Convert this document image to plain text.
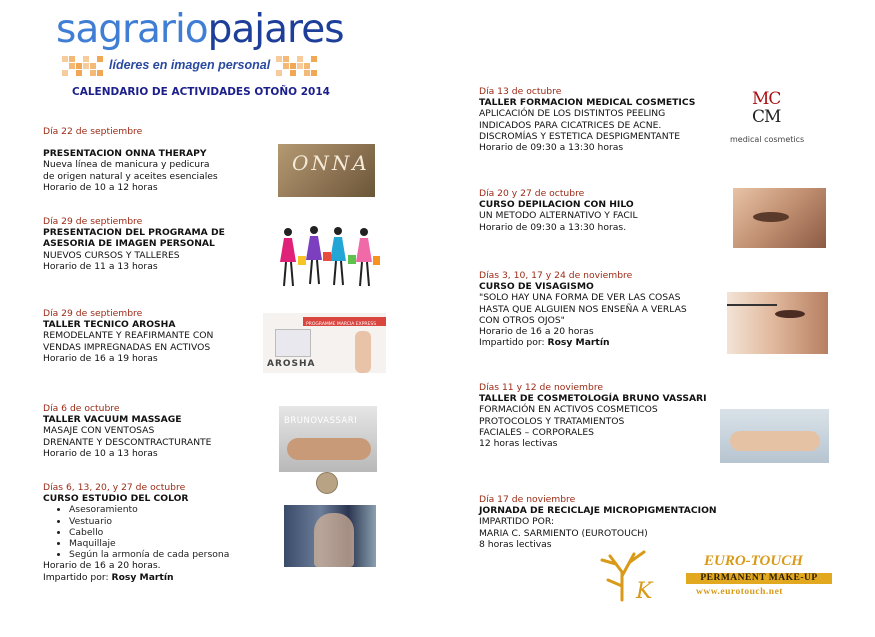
sagrariopajares
líderes en imagen personal
CALENDARIO DE ACTIVIDADES OTOÑO 2014
Día 22 de septiembre
PRESENTACION ONNA THERAPY
Nueva línea de manicura y pedicura
de origen natural y aceites esenciales
Horario de 10 a 12 horas
Día 29 de septiembre
PRESENTACION DEL PROGRAMA DE
ASESORIA DE IMAGEN PERSONAL
NUEVOS CURSOS Y TALLERES
Horario de 11 a 13 horas
Día 29 de septiembre
TALLER TECNICO AROSHA
REMODELANTE Y REAFIRMANTE CON
VENDAS IMPREGNADAS EN ACTIVOS
Horario de 16 a 19 horas
Día 6 de octubre
TALLER VACUUM MASSAGE
MASAJE CON VENTOSAS
DRENANTE Y DESCONTRACTURANTE
Horario de 10 a 13 horas
Días 6, 13, 20, y 27 de octubre
CURSO ESTUDIO DEL COLOR
• Asesoramiento
• Vestuario
• Cabello
• Maquillaje
• Según la armonía de cada persona
Horario de 16 a 20 horas.
Impartido por: Rosy Martín
ONNA
PROGRAMME MARCIA EXPRESS
AROSHA
BRUNOVASSARI
Día 13 de octubre
TALLER FORMACION MEDICAL COSMETICS
APLICACIÓN DE LOS DISTINTOS PEELING
INDICADOS PARA CICATRICES DE ACNE.
DISCROMÍAS Y ESTETICA DESPIGMENTANTE
Horario de 09:30 a 13:30 horas
Día 20 y 27 de octubre
CURSO DEPILACION CON HILO
UN METODO ALTERNATIVO Y FACIL
Horario de 09:30 a 13:30 horas.
Días 3, 10, 17 y 24 de noviembre
CURSO DE VISAGISMO
"SOLO HAY UNA FORMA DE VER LAS COSAS
HASTA QUE ALGUIEN NOS ENSEÑA A VERLAS
CON OTROS OJOS"
Horario de 16 a 20 horas
Impartido por: Rosy Martín
Días 11 y 12 de noviembre
TALLER DE COSMETOLOGÍA BRUNO VASSARI
FORMACIÓN EN ACTIVOS COSMETICOS
PROTOCOLOS Y TRATAMIENTOS
FACIALES – CORPORALES
12 horas lectivas
Día 17 de noviembre
JORNADA DE RECICLAJE MICROPIGMENTACION
IMPARTIDO POR:
MARIA C. SARMIENTO (EUROTOUCH)
8 horas lectivas
MC
CM
medical cosmetics
K
EURO-TOUCH
PERMANENT MAKE-UP
www.eurotouch.net
